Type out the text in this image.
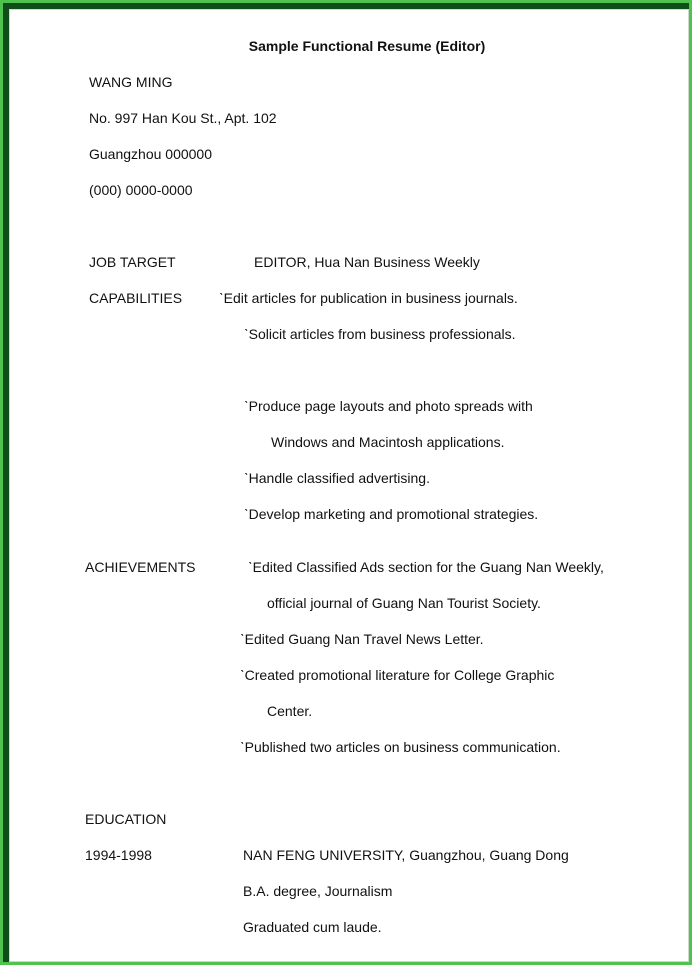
Sample Functional Resume (Editor)
WANG MING
No. 997 Han Kou St., Apt. 102
Guangzhou 000000
(000) 0000-0000
JOB TARGET	EDITOR, Hua Nan Business Weekly
CAPABILITIES	ˋEdit articles for publication in business journals.
ˋSolicit articles from business professionals.
ˋProduce page layouts and photo spreads with
Windows and Macintosh applications.
ˋHandle classified advertising.
ˋDevelop marketing and promotional strategies.
ACHIEVEMENTS	ˋEdited Classified Ads section for the Guang Nan Weekly,
official journal of Guang Nan Tourist Society.
ˋEdited Guang Nan Travel News Letter.
ˋCreated promotional literature for College Graphic
Center.
ˋPublished two articles on business communication.
EDUCATION
1994-1998	NAN FENG UNIVERSITY, Guangzhou, Guang Dong
B.A. degree, Journalism
Graduated cum laude.
